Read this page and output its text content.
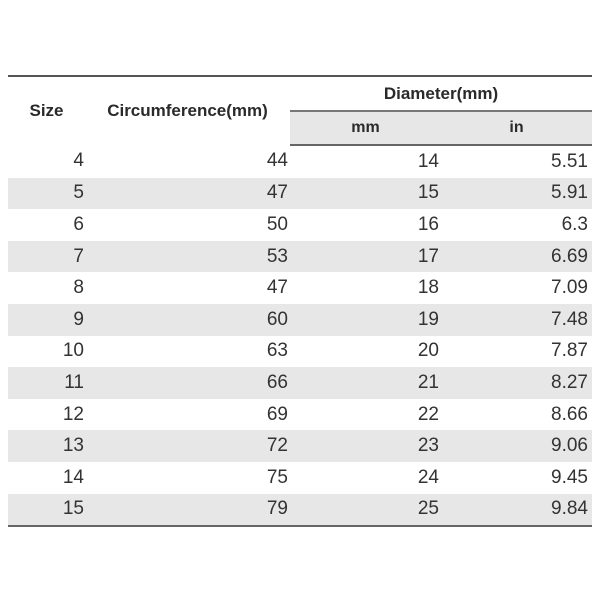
Size	Circumference(mm)	Diameter(mm)	
		mm	in
4	44	14	5.51
5	47	15	5.91
6	50	16	6.3
7	53	17	6.69
8	47	18	7.09
9	60	19	7.48
10	63	20	7.87
11	66	21	8.27
12	69	22	8.66
13	72	23	9.06
14	75	24	9.45
15	79	25	9.84
